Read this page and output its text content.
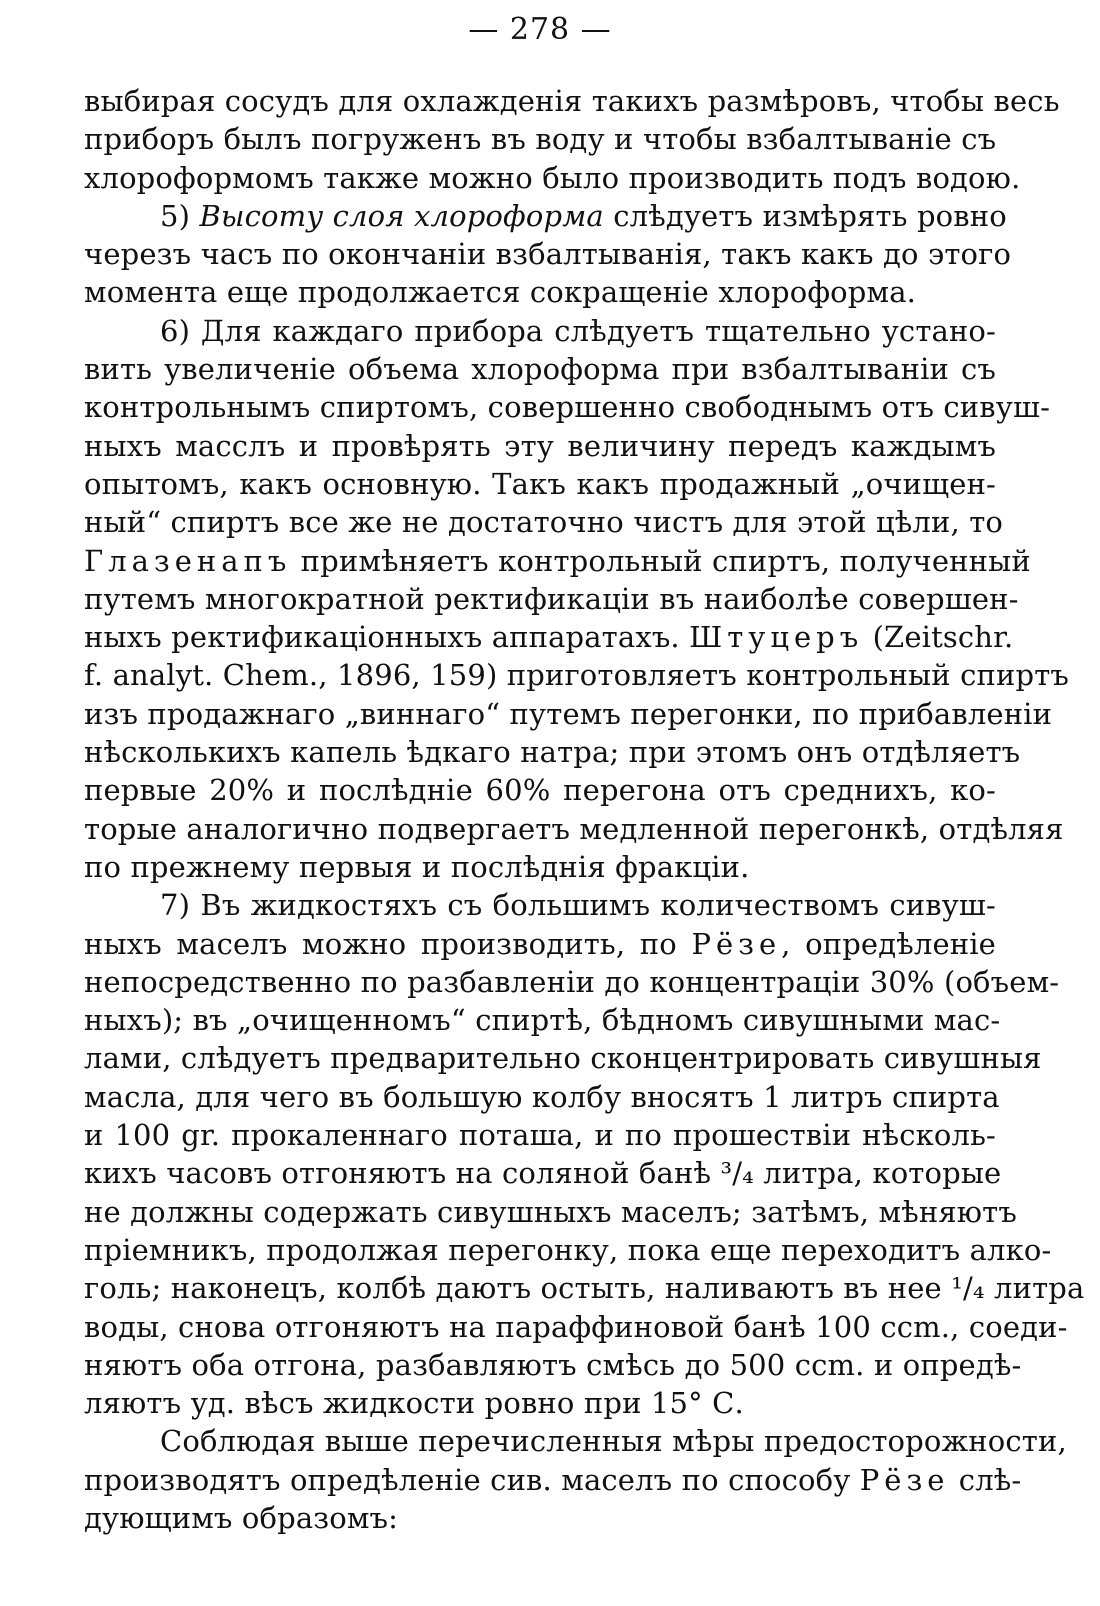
— 278 —
выбирая сосудъ для охлажденія такихъ размѣровъ, чтобы весь
приборъ былъ погруженъ въ воду и чтобы взбалтываніе съ
хлороформомъ также можно было производить подъ водою.
5) Высоту слоя хлороформа слѣдуетъ измѣрять ровно
черезъ часъ по окончаніи взбалтыванія, такъ какъ до этого
момента еще продолжается сокращеніе хлороформа.
6) Для каждаго прибора слѣдуетъ тщательно устано-
вить увеличеніе объема хлороформа при взбалтываніи съ
контрольнымъ спиртомъ, совершенно свободнымъ отъ сивуш-
ныхъ масслъ и провѣрять эту величину передъ каждымъ
опытомъ, какъ основную. Такъ какъ продажный „очищен-
ный“ спиртъ все же не достаточно чистъ для этой цѣли, то
Глазенапъ примѣняетъ контрольный спиртъ, полученный
путемъ многократной ректификаціи въ наиболѣе совершен-
ныхъ ректификаціонныхъ аппаратахъ. Штуцеръ (Zeitschr.
f. analyt. Chem., 1896, 159) приготовляетъ контрольный спиртъ
изъ продажнаго „виннаго“ путемъ перегонки, по прибавленіи
нѣсколькихъ капель ѣдкаго натра; при этомъ онъ отдѣляетъ
первые 20% и послѣдніе 60% перегона отъ среднихъ, ко-
торые аналогично подвергаетъ медленной перегонкѣ, отдѣляя
по прежнему первыя и послѣднія фракціи.
7) Въ жидкостяхъ съ большимъ количествомъ сивуш-
ныхъ маселъ можно производить, по Рёзе, опредѣленіе
непосредственно по разбавленіи до концентраціи 30% (объем-
ныхъ); въ „очищенномъ“ спиртѣ, бѣдномъ сивушными мас-
лами, слѣдуетъ предварительно сконцентрировать сивушныя
масла, для чего въ большую колбу вносятъ 1 литръ спирта
и 100 gr. прокаленнаго поташа, и по прошествіи нѣсколь-
кихъ часовъ отгоняютъ на соляной банѣ ³/₄ литра, которые
не должны содержать сивушныхъ маселъ; затѣмъ, мѣняютъ
пріемникъ, продолжая перегонку, пока еще переходитъ алко-
голь; наконецъ, колбѣ даютъ остыть, наливаютъ въ нее ¹/₄ литра
воды, снова отгоняютъ на параффиновой банѣ 100 ccm., соеди-
няютъ оба отгона, разбавляютъ смѣсь до 500 ccm. и опредѣ-
ляютъ уд. вѣсъ жидкости ровно при 15° С.
Соблюдая выше перечисленныя мѣры предосторожности,
производятъ опредѣленіе сив. маселъ по способу Рёзе слѣ-
дующимъ образомъ:
